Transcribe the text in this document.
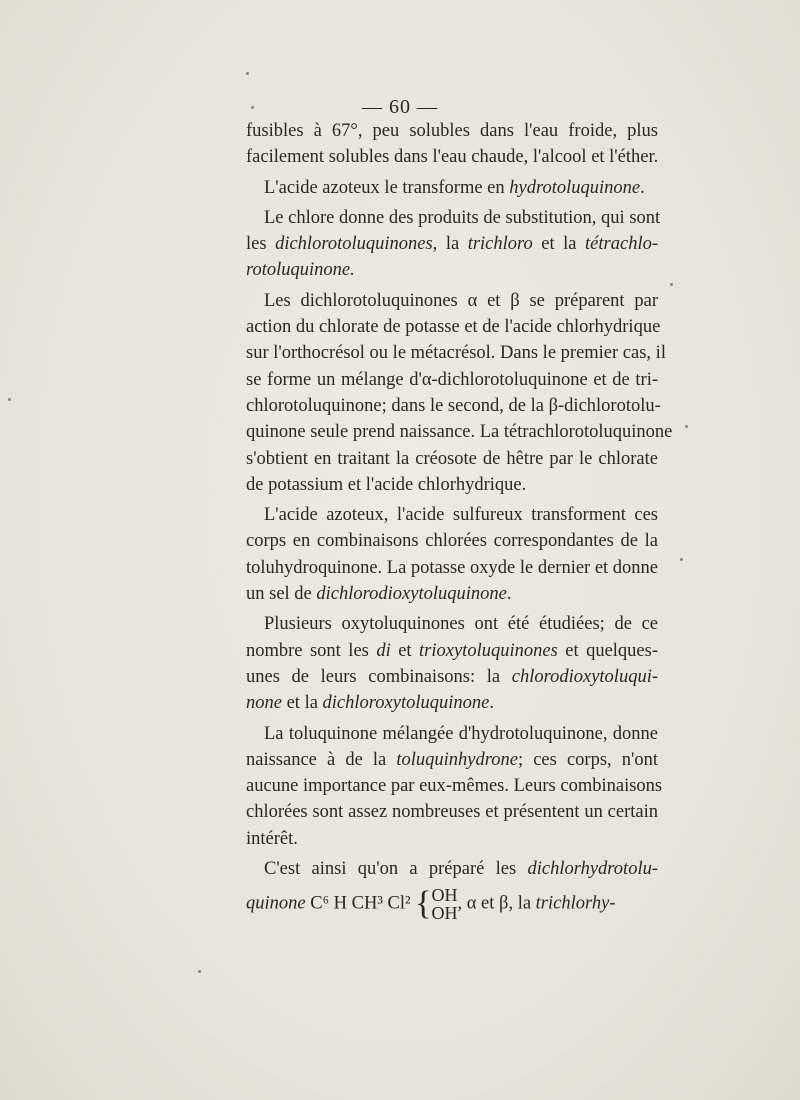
— 60 —
fusibles à 67°, peu solubles dans l'eau froide, plus
facilement solubles dans l'eau chaude, l'alcool et l'éther.
L'acide azoteux le transforme en hydrotoluquinone.
Le chlore donne des produits de substitution, qui sont
les dichlorotoluquinones, la trichloro et la tétrachlo-
rotoluquinone.
Les dichlorotoluquinones α et β se préparent par
action du chlorate de potasse et de l'acide chlorhydrique
sur l'orthocrésol ou le métacrésol. Dans le premier cas, il
se forme un mélange d'α-dichlorotoluquinone et de tri-
chlorotoluquinone; dans le second, de la β-dichlorotolu-
quinone seule prend naissance. La tétrachlorotoluquinone
s'obtient en traitant la créosote de hêtre par le chlorate
de potassium et l'acide chlorhydrique.
L'acide azoteux, l'acide sulfureux transforment ces
corps en combinaisons chlorées correspondantes de la
toluhydroquinone. La potasse oxyde le dernier et donne
un sel de dichlorodioxytoluquinone.
Plusieurs oxytoluquinones ont été étudiées; de ce
nombre sont les di et trioxytoluquinones et quelques-
unes de leurs combinaisons: la chlorodioxytoluqui-
none et la dichloroxytoluquinone.
La toluquinone mélangée d'hydrotoluquinone, donne
naissance à de la toluquinhydrone; ces corps, n'ont
aucune importance par eux-mêmes. Leurs combinaisons
chlorées sont assez nombreuses et présentent un certain
intérêt.
C'est ainsi qu'on a préparé les dichlorhydrotolu-
quinone C⁶ H CH³ Cl² {OH
OH, α et β, la trichlorhy-
